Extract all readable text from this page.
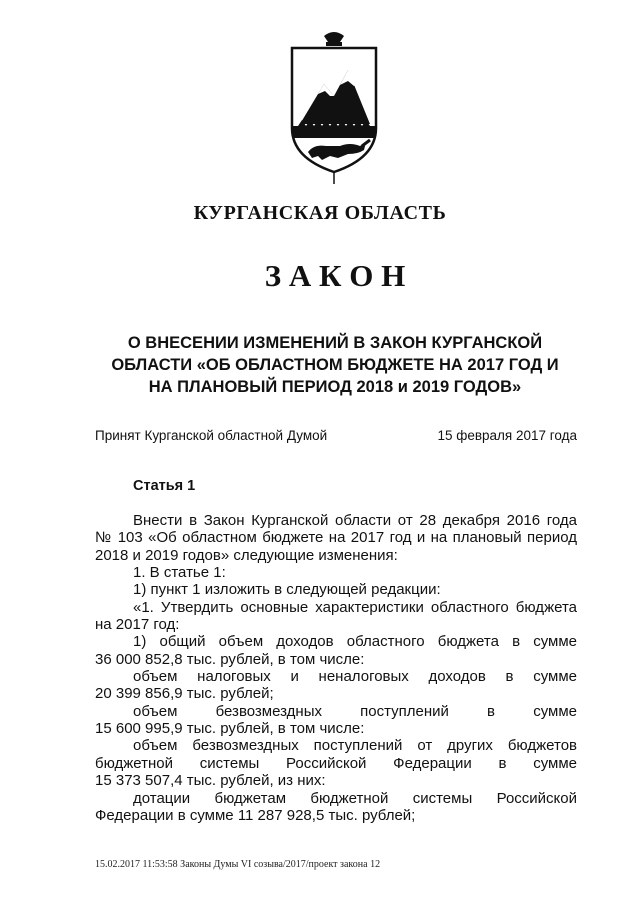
КУРГАНСКАЯ ОБЛАСТЬ
З А К О Н
О ВНЕСЕНИИ ИЗМЕНЕНИЙ В ЗАКОН КУРГАНСКОЙ
ОБЛАСТИ «ОБ ОБЛАСТНОМ БЮДЖЕТЕ НА 2017 ГОД И
НА ПЛАНОВЫЙ ПЕРИОД 2018 и 2019 ГОДОВ»
Принят Курганской областной Думой	15 февраля 2017 года
Статья 1
Внести в Закон Курганской области от 28 декабря 2016 года
№ 103 «Об областном бюджете на 2017 год и на плановый период
2018 и 2019 годов» следующие изменения:
1. В статье 1:
1) пункт 1 изложить в следующей редакции:
«1. Утвердить основные характеристики областного бюджета
на 2017 год:
1) общий объем доходов областного бюджета в сумме
36 000 852,8 тыс. рублей, в том числе:
объем налоговых и неналоговых доходов в сумме
20 399 856,9 тыс. рублей;
объем безвозмездных поступлений в сумме
15 600 995,9 тыс. рублей, в том числе:
объем безвозмездных поступлений от других бюджетов
бюджетной системы Российской Федерации в сумме
15 373 507,4 тыс. рублей, из них:
дотации бюджетам бюджетной системы Российской
Федерации в сумме 11 287 928,5 тыс. рублей;
15.02.2017 11:53:58 Законы Думы VI созыва/2017/проект закона 12
